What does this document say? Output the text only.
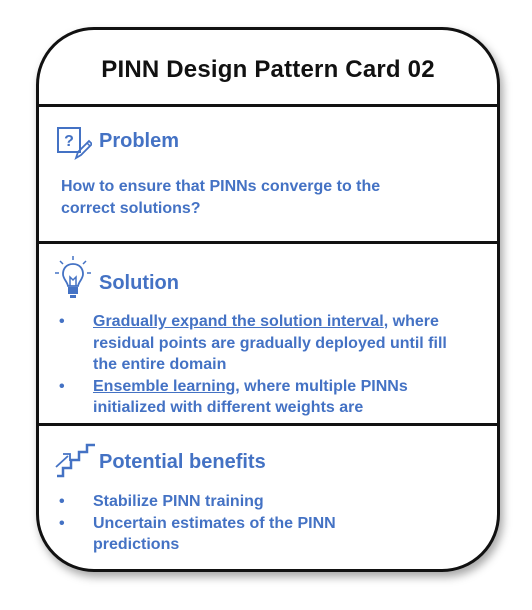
PINN Design Pattern Card 02
? Problem
How to ensure that PINNs converge to the
correct solutions?
Solution
• Gradually expand the solution interval, where
residual points are gradually deployed until fill
the entire domain
• Ensemble learning, where multiple PINNs
initialized with different weights are
Potential benefits
• Stabilize PINN training
• Uncertain estimates of the PINN
predictions
